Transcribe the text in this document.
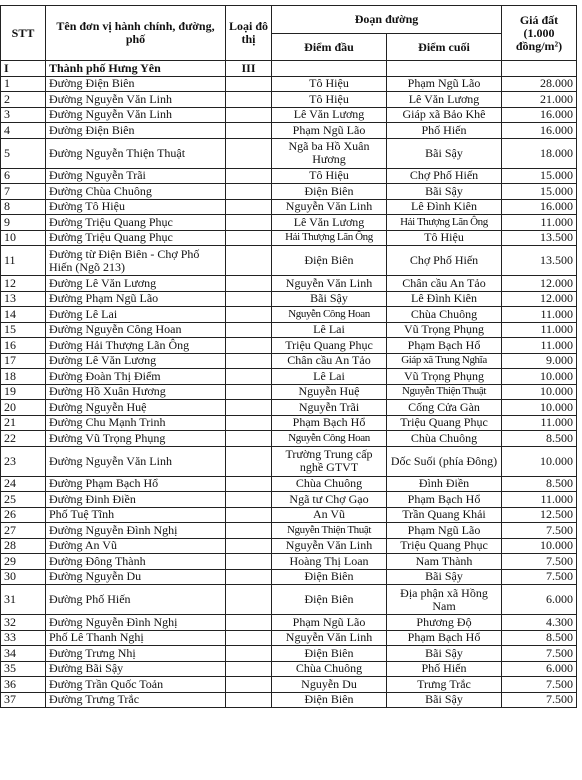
STT	Tên đơn vị hành chính, đường, phố	Loại đô thị	Đoạn đường		Giá đất (1.000 đồng/m²)
			Điểm đầu	Điểm cuối	
I	Thành phố Hưng Yên	III			
1	Đường Điện Biên		Tô Hiệu	Phạm Ngũ Lão	28.000
2	Đường Nguyễn Văn Linh		Tô Hiệu	Lê Văn Lương	21.000
3	Đường Nguyễn Văn Linh		Lê Văn Lương	Giáp xã Bảo Khê	16.000
4	Đường Điện Biên		Phạm Ngũ Lão	Phố Hiến	16.000
5	Đường Nguyễn Thiện Thuật		Ngã ba Hồ Xuân Hương	Bãi Sậy	18.000
6	Đường Nguyễn Trãi		Tô Hiệu	Chợ Phố Hiến	15.000
7	Đường Chùa Chuông		Điện Biên	Bãi Sậy	15.000
8	Đường Tô Hiệu		Nguyễn Văn Linh	Lê Đình Kiên	16.000
9	Đường Triệu Quang Phục		Lê Văn Lương	Hải Thượng Lãn Ông	11.000
10	Đường Triệu Quang Phục		Hải Thượng Lãn Ông	Tô Hiệu	13.500
11	Đường từ Điện Biên - Chợ Phố Hiến (Ngõ 213)		Điện Biên	Chợ Phố Hiến	13.500
12	Đường Lê Văn Lương		Nguyễn Văn Linh	Chân cầu An Tảo	12.000
13	Đường Phạm Ngũ Lão		Bãi Sậy	Lê Đình Kiên	12.000
14	Đường Lê Lai		Nguyễn Công Hoan	Chùa Chuông	11.000
15	Đường Nguyễn Công Hoan		Lê Lai	Vũ Trọng Phụng	11.000
16	Đường Hải Thượng Lãn Ông		Triệu Quang Phục	Phạm Bạch Hổ	11.000
17	Đường Lê Văn Lương		Chân cầu An Tảo	Giáp xã Trung Nghĩa	9.000
18	Đường Đoàn Thị Điểm		Lê Lai	Vũ Trọng Phụng	10.000
19	Đường Hồ Xuân Hương		Nguyễn Huệ	Nguyễn Thiện Thuật	10.000
20	Đường Nguyễn Huệ		Nguyễn Trãi	Cống Cửa Gàn	10.000
21	Đường Chu Mạnh Trinh		Phạm Bạch Hổ	Triệu Quang Phục	11.000
22	Đường Vũ Trọng Phụng		Nguyễn Công Hoan	Chùa Chuông	8.500
23	Đường Nguyễn Văn Linh		Trường Trung cấp nghề GTVT	Dốc Suối (phía Đông)	10.000
24	Đường Phạm Bạch Hổ		Chùa Chuông	Đình Điền	8.500
25	Đường Đinh Điền		Ngã tư Chợ Gạo	Phạm Bạch Hổ	11.000
26	Phố Tuệ Tĩnh		An Vũ	Trần Quang Khải	12.500
27	Đường Nguyễn Đình Nghị		Nguyễn Thiện Thuật	Phạm Ngũ Lão	7.500
28	Đường An Vũ		Nguyễn Văn Linh	Triệu Quang Phục	10.000
29	Đường Đông Thành		Hoàng Thị Loan	Nam Thành	7.500
30	Đường Nguyễn Du		Điện Biên	Bãi Sậy	7.500
31	Đường Phố Hiến		Điện Biên	Địa phận xã Hồng Nam	6.000
32	Đường Nguyễn Đình Nghị		Phạm Ngũ Lão	Phương Độ	4.300
33	Phố Lê Thanh Nghị		Nguyễn Văn Linh	Phạm Bạch Hổ	8.500
34	Đường Trưng Nhị		Điện Biên	Bãi Sậy	7.500
35	Đường Bãi Sậy		Chùa Chuông	Phố Hiến	6.000
36	Đường Trần Quốc Toản		Nguyễn Du	Trưng Trắc	7.500
37	Đường Trưng Trắc		Điện Biên	Bãi Sậy	7.500
